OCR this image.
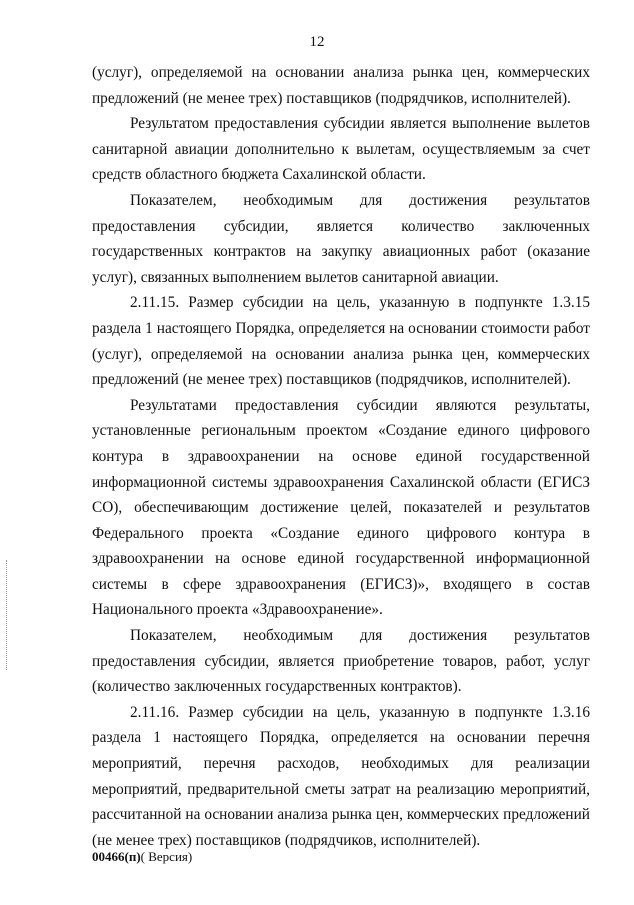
12

(услуг), определяемой на основании анализа рынка цен, коммерческих предложений (не менее трех) поставщиков (подрядчиков, исполнителей).

Результатом предоставления субсидии является выполнение вылетов санитарной авиации дополнительно к вылетам, осуществляемым за счет средств областного бюджета Сахалинской области.

Показателем, необходимым для достижения результатов предоставления субсидии, является количество заключенных государственных контрактов на закупку авиационных работ (оказание услуг), связанных выполнением вылетов санитарной авиации.

2.11.15. Размер субсидии на цель, указанную в подпункте 1.3.15 раздела 1 настоящего Порядка, определяется на основании стоимости работ (услуг), определяемой на основании анализа рынка цен, коммерческих предложений (не менее трех) поставщиков (подрядчиков, исполнителей).

Результатами предоставления субсидии являются результаты, установленные региональным проектом «Создание единого цифрового контура в здравоохранении на основе единой государственной информационной системы здравоохранения Сахалинской области (ЕГИСЗ СО), обеспечивающим достижение целей, показателей и результатов Федерального проекта «Создание единого цифрового контура в здравоохранении на основе единой государственной информационной системы в сфере здравоохранения (ЕГИСЗ)», входящего в состав Национального проекта «Здравоохранение».

Показателем, необходимым для достижения результатов предоставления субсидии, является приобретение товаров, работ, услуг (количество заключенных государственных контрактов).

2.11.16. Размер субсидии на цель, указанную в подпункте 1.3.16 раздела 1 настоящего Порядка, определяется на основании перечня мероприятий, перечня расходов, необходимых для реализации мероприятий, предварительной сметы затрат на реализацию мероприятий, рассчитанной на основании анализа рынка цен, коммерческих предложений (не менее трех) поставщиков (подрядчиков, исполнителей).

00466(п)( Версия)
